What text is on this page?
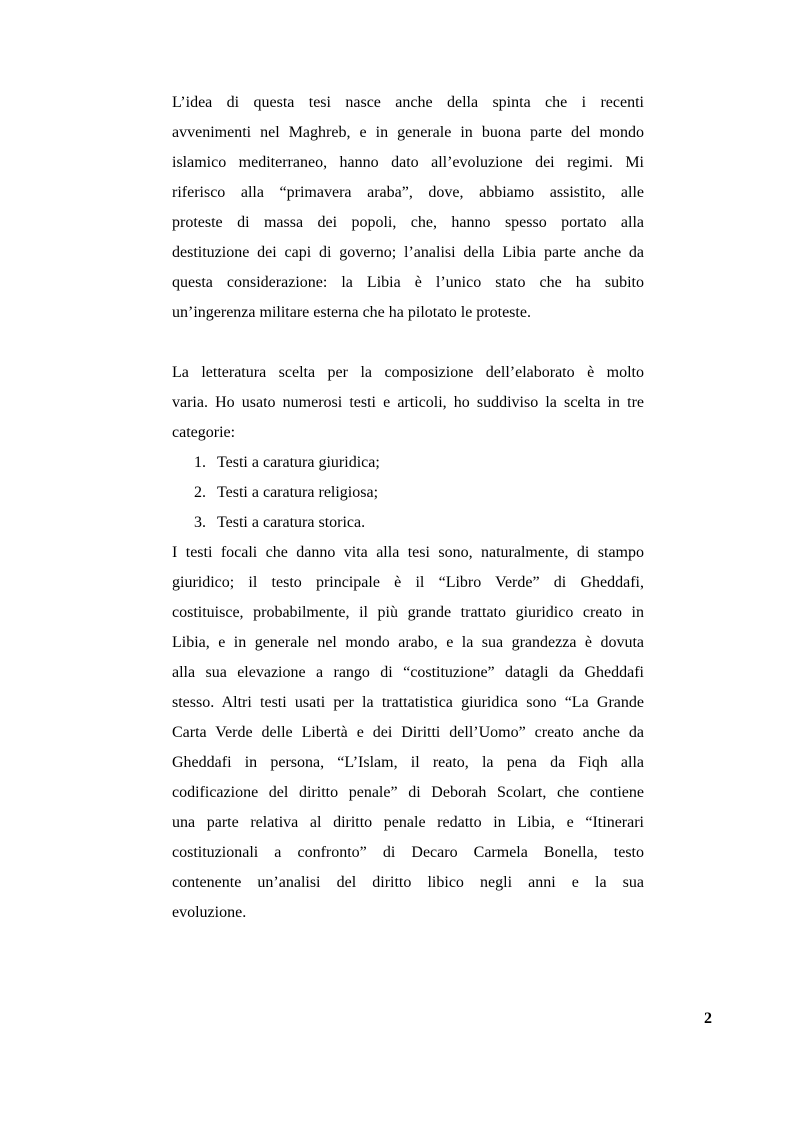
L’idea di questa tesi nasce anche della spinta che i recenti
avvenimenti nel Maghreb, e in generale in buona parte del mondo
islamico mediterraneo, hanno dato all’evoluzione dei regimi. Mi
riferisco alla “primavera araba”, dove, abbiamo assistito, alle
proteste di massa dei popoli, che, hanno spesso portato alla
destituzione dei capi di governo; l’analisi della Libia parte anche da
questa considerazione: la Libia è l’unico stato che ha subito
un’ingerenza militare esterna che ha pilotato le proteste.
La letteratura scelta per la composizione dell’elaborato è molto
varia. Ho usato numerosi testi e articoli, ho suddiviso la scelta in tre
categorie:
1. Testi a caratura giuridica;
2. Testi a caratura religiosa;
3. Testi a caratura storica.
I testi focali che danno vita alla tesi sono, naturalmente, di stampo
giuridico; il testo principale è il “Libro Verde” di Gheddafi,
costituisce, probabilmente, il più grande trattato giuridico creato in
Libia, e in generale nel mondo arabo, e la sua grandezza è dovuta
alla sua elevazione a rango di “costituzione” datagli da Gheddafi
stesso. Altri testi usati per la trattatistica giuridica sono “La Grande
Carta Verde delle Libertà e dei Diritti dell’Uomo” creato anche da
Gheddafi in persona, “L’Islam, il reato, la pena da Fiqh alla
codificazione del diritto penale” di Deborah Scolart, che contiene
una parte relativa al diritto penale redatto in Libia, e “Itinerari
costituzionali a confronto” di Decaro Carmela Bonella, testo
contenente un’analisi del diritto libico negli anni e la sua
evoluzione.
2
